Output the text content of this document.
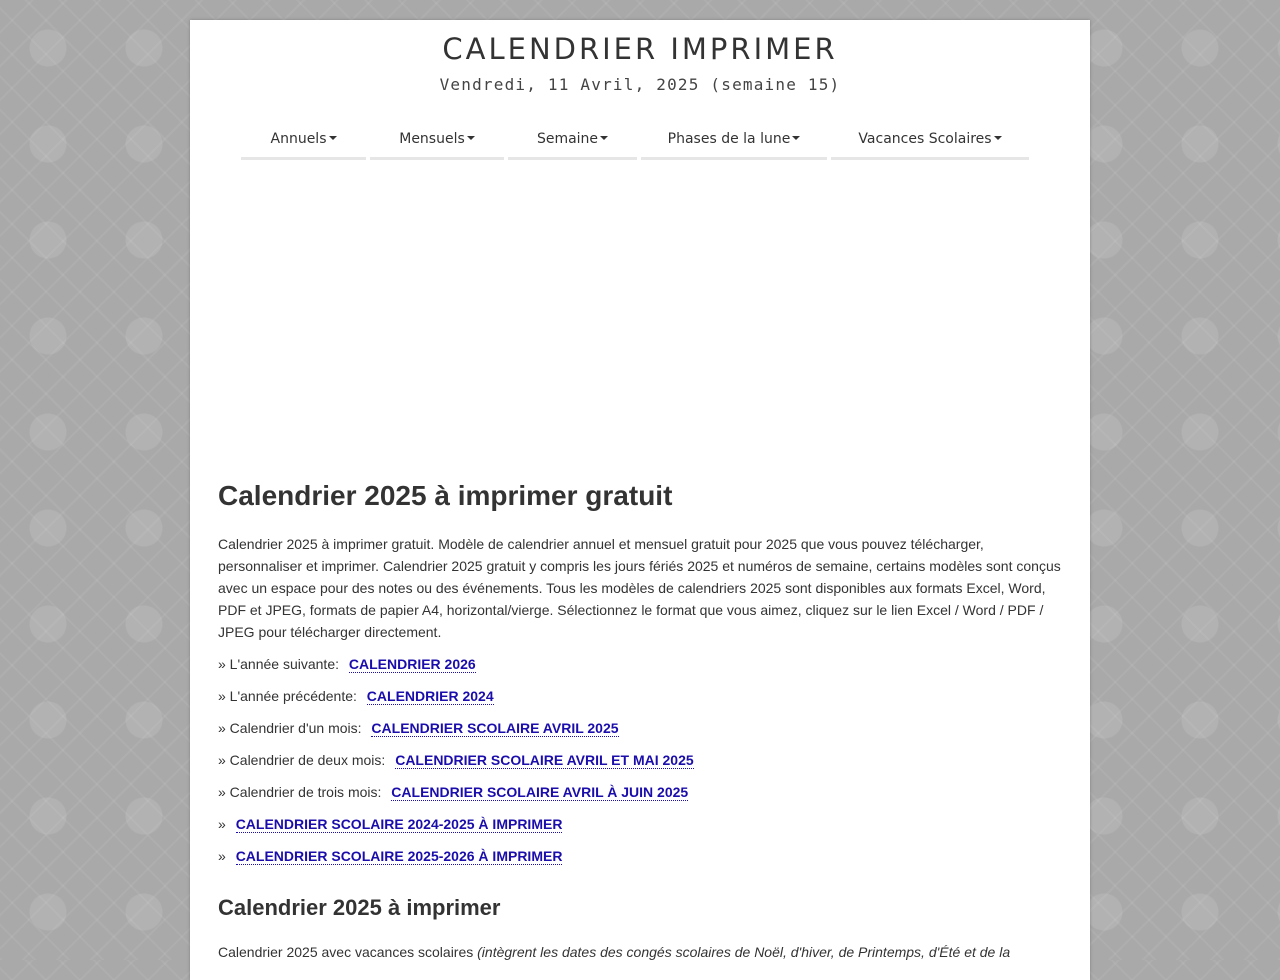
CALENDRIER IMPRIMER
Vendredi, 11 Avril, 2025 (semaine 15)
Annuels	Mensuels	Semaine	Phases de la lune	Vacances Scolaires
Calendrier 2025 à imprimer gratuit

Calendrier 2025 à imprimer gratuit. Modèle de calendrier annuel et mensuel gratuit pour 2025 que vous pouvez télécharger, personnaliser et imprimer. Calendrier 2025 gratuit y compris les jours fériés 2025 et numéros de semaine, certains modèles sont conçus avec un espace pour des notes ou des événements. Tous les modèles de calendriers 2025 sont disponibles aux formats Excel, Word, PDF et JPEG, formats de papier A4, horizontal/vierge. Sélectionnez le format que vous aimez, cliquez sur le lien Excel / Word / PDF / JPEG pour télécharger directement.

» L'année suivante: CALENDRIER 2026
» L'année précédente: CALENDRIER 2024
» Calendrier d'un mois: CALENDRIER SCOLAIRE AVRIL 2025
» Calendrier de deux mois: CALENDRIER SCOLAIRE AVRIL ET MAI 2025
» Calendrier de trois mois: CALENDRIER SCOLAIRE AVRIL À JUIN 2025
» CALENDRIER SCOLAIRE 2024-2025 À IMPRIMER
» CALENDRIER SCOLAIRE 2025-2026 À IMPRIMER
Calendrier 2025 à imprimer

Calendrier 2025 avec vacances scolaires (intègrent les dates des congés scolaires de Noël, d'hiver, de Printemps, d'Été et de la
